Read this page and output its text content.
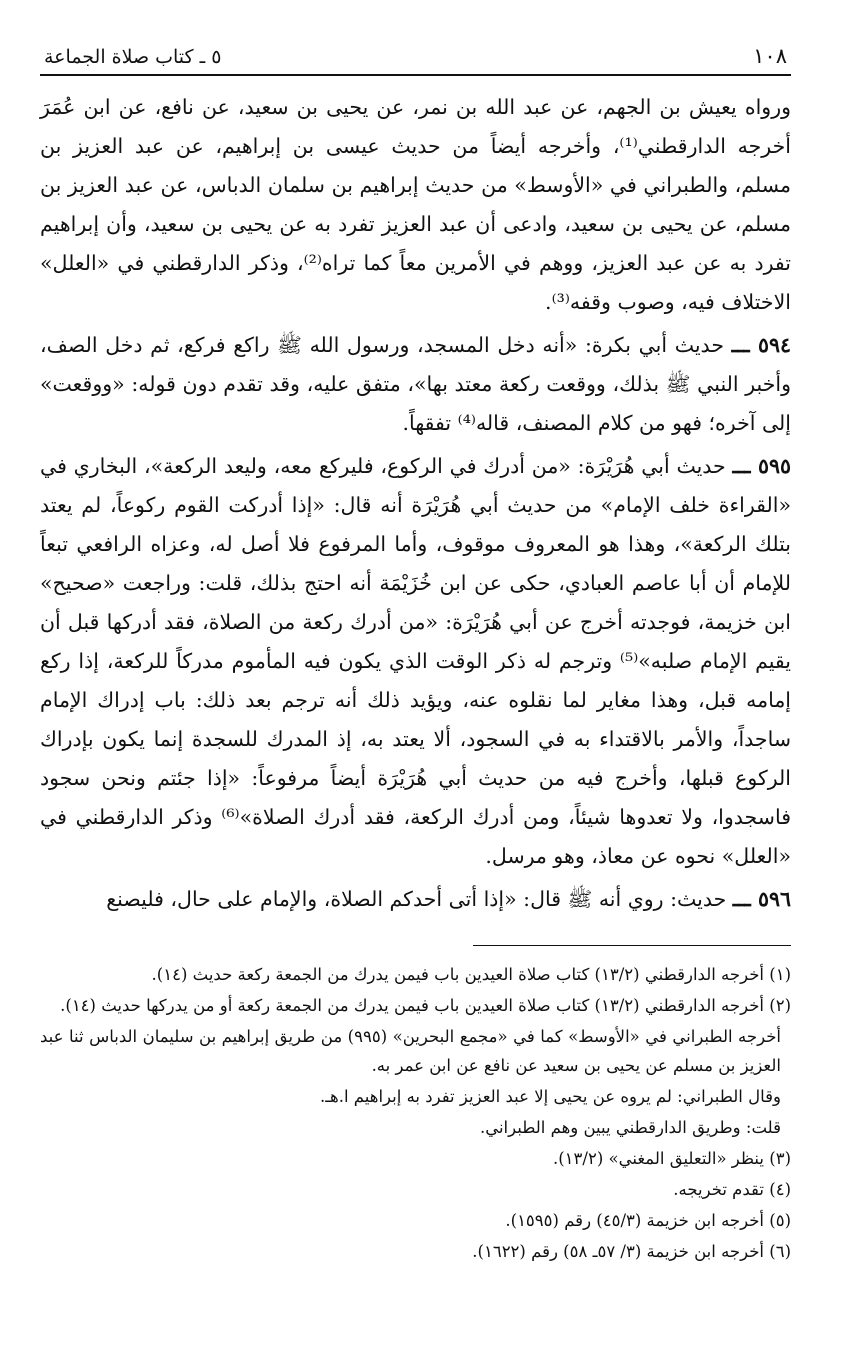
١٠٨
٥ ـ كتاب صلاة الجماعة

ورواه يعيش بن الجهم، عن عبد الله بن نمر، عن يحيى بن سعيد، عن نافع، عن ابن عُمَرَ أخرجه الدارقطني⁽¹⁾، وأخرجه أيضاً من حديث عيسى بن إبراهيم، عن عبد العزيز بن مسلم، والطبراني في «الأوسط» من حديث إبراهيم بن سلمان الدباس، عن عبد العزيز بن مسلم، عن يحيى بن سعيد، وادعى أن عبد العزيز تفرد به عن يحيى بن سعيد، وأن إبراهيم تفرد به عن عبد العزيز، ووهم في الأمرين معاً كما تراه⁽²⁾، وذكر الدارقطني في «العلل» الاختلاف فيه، وصوب وقفه⁽³⁾.

٥٩٤ ـــ حديث أبي بكرة: «أنه دخل المسجد، ورسول الله ﷺ راكع فركع، ثم دخل الصف، وأخبر النبي ﷺ بذلك، ووقعت ركعة معتد بها»، متفق عليه، وقد تقدم دون قوله: «ووقعت» إلى آخره؛ فهو من كلام المصنف، قاله⁽⁴⁾ تفقهاً.

٥٩٥ ـــ حديث أبي هُرَيْرَة: «من أدرك في الركوع، فليركع معه، وليعد الركعة»، البخاري في «القراءة خلف الإمام» من حديث أبي هُرَيْرَة أنه قال: «إذا أدركت القوم ركوعاً، لم يعتد بتلك الركعة»، وهذا هو المعروف موقوف، وأما المرفوع فلا أصل له، وعزاه الرافعي تبعاً للإمام أن أبا عاصم العبادي، حكى عن ابن خُزَيْمَة أنه احتج بذلك، قلت: وراجعت «صحيح» ابن خزيمة، فوجدته أخرج عن أبي هُرَيْرَة: «من أدرك ركعة من الصلاة، فقد أدركها قبل أن يقيم الإمام صلبه»⁽⁵⁾ وترجم له ذكر الوقت الذي يكون فيه المأموم مدركاً للركعة، إذا ركع إمامه قبل، وهذا مغاير لما نقلوه عنه، ويؤيد ذلك أنه ترجم بعد ذلك: باب إدراك الإمام ساجداً، والأمر بالاقتداء به في السجود، ألا يعتد به، إذ المدرك للسجدة إنما يكون بإدراك الركوع قبلها، وأخرج فيه من حديث أبي هُرَيْرَة أيضاً مرفوعاً: «إذا جئتم ونحن سجود فاسجدوا، ولا تعدوها شيئاً، ومن أدرك الركعة، فقد أدرك الصلاة»⁽⁶⁾ وذكر الدارقطني في «العلل» نحوه عن معاذ، وهو مرسل.

٥٩٦ ـــ حديث: روي أنه ﷺ قال: «إذا أتى أحدكم الصلاة، والإمام على حال، فليصنع

(١) أخرجه الدارقطني (١٣/٢) كتاب صلاة العيدين باب فيمن يدرك من الجمعة ركعة حديث (١٤).

(٢) أخرجه الدارقطني (١٣/٢) كتاب صلاة العيدين باب فيمن يدرك من الجمعة ركعة أو من يدركها حديث (١٤).

أخرجه الطبراني في «الأوسط» كما في «مجمع البحرين» (٩٩٥) من طريق إبراهيم بن سليمان الدباس ثنا عبد العزيز بن مسلم عن يحيى بن سعيد عن نافع عن ابن عمر به.

وقال الطبراني: لم يروه عن يحيى إلا عبد العزيز تفرد به إبراهيم ا.هـ.

قلت: وطريق الدارقطني يبين وهم الطبراني.

(٣) ينظر «التعليق المغني» (١٣/٢).

(٤) تقدم تخريجه.

(٥) أخرجه ابن خزيمة (٤٥/٣) رقم (١٥٩٥).

(٦) أخرجه ابن خزيمة (٣/ ٥٧ـ ٥٨) رقم (١٦٢٢).
